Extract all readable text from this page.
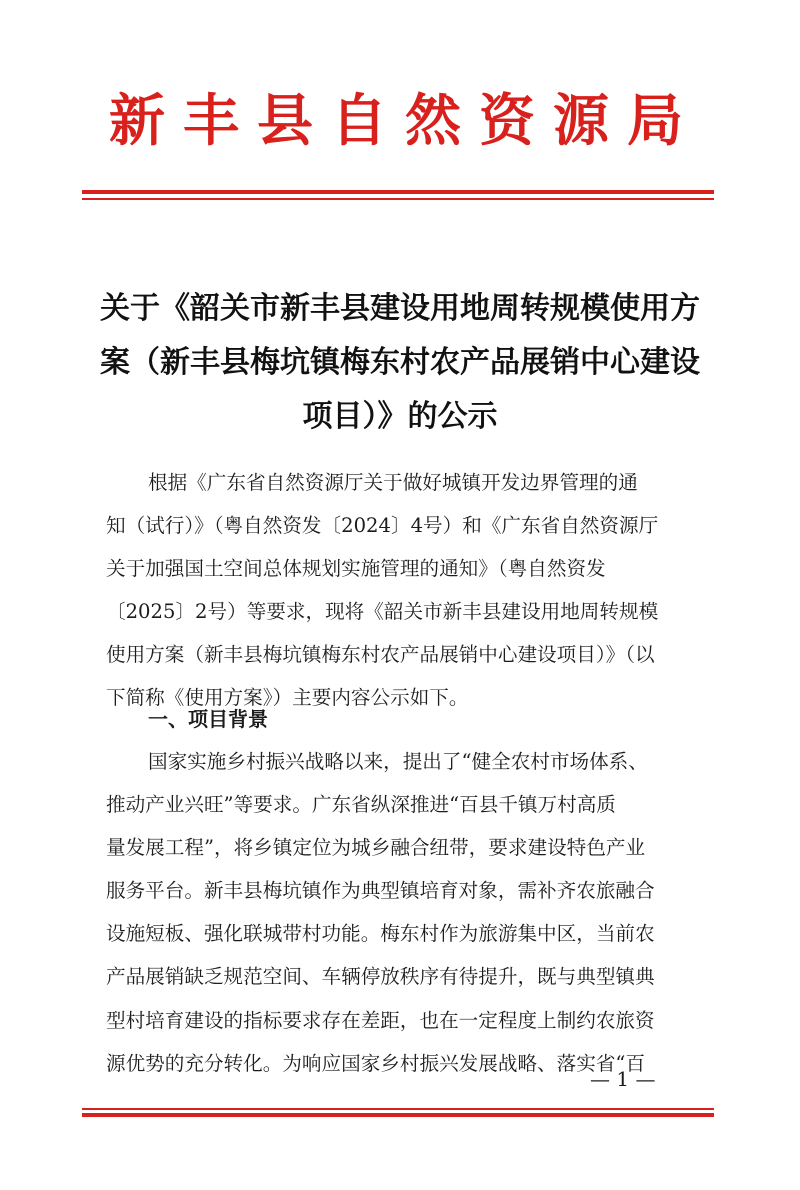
新丰县自然资源局
关于《韶关市新丰县建设用地周转规模使用方
案（新丰县梅坑镇梅东村农产品展销中心建设
项目）》的公示
根据《广东省自然资源厅关于做好城镇开发边界管理的通
知（试行）》（粤自然资发〔2024〕4号）和《广东省自然资源厅
关于加强国土空间总体规划实施管理的通知》（粤自然资发
〔2025〕2号）等要求，现将《韶关市新丰县建设用地周转规模
使用方案（新丰县梅坑镇梅东村农产品展销中心建设项目）》（以
下简称《使用方案》）主要内容公示如下。
一、项目背景
国家实施乡村振兴战略以来，提出了“健全农村市场体系、
推动产业兴旺”等要求。广东省纵深推进“百县千镇万村高质
量发展工程”，将乡镇定位为城乡融合纽带，要求建设特色产业
服务平台。新丰县梅坑镇作为典型镇培育对象，需补齐农旅融合
设施短板、强化联城带村功能。梅东村作为旅游集中区，当前农
产品展销缺乏规范空间、车辆停放秩序有待提升，既与典型镇典
型村培育建设的指标要求存在差距，也在一定程度上制约农旅资
源优势的充分转化。为响应国家乡村振兴发展战略、落实省“百
— 1 —
